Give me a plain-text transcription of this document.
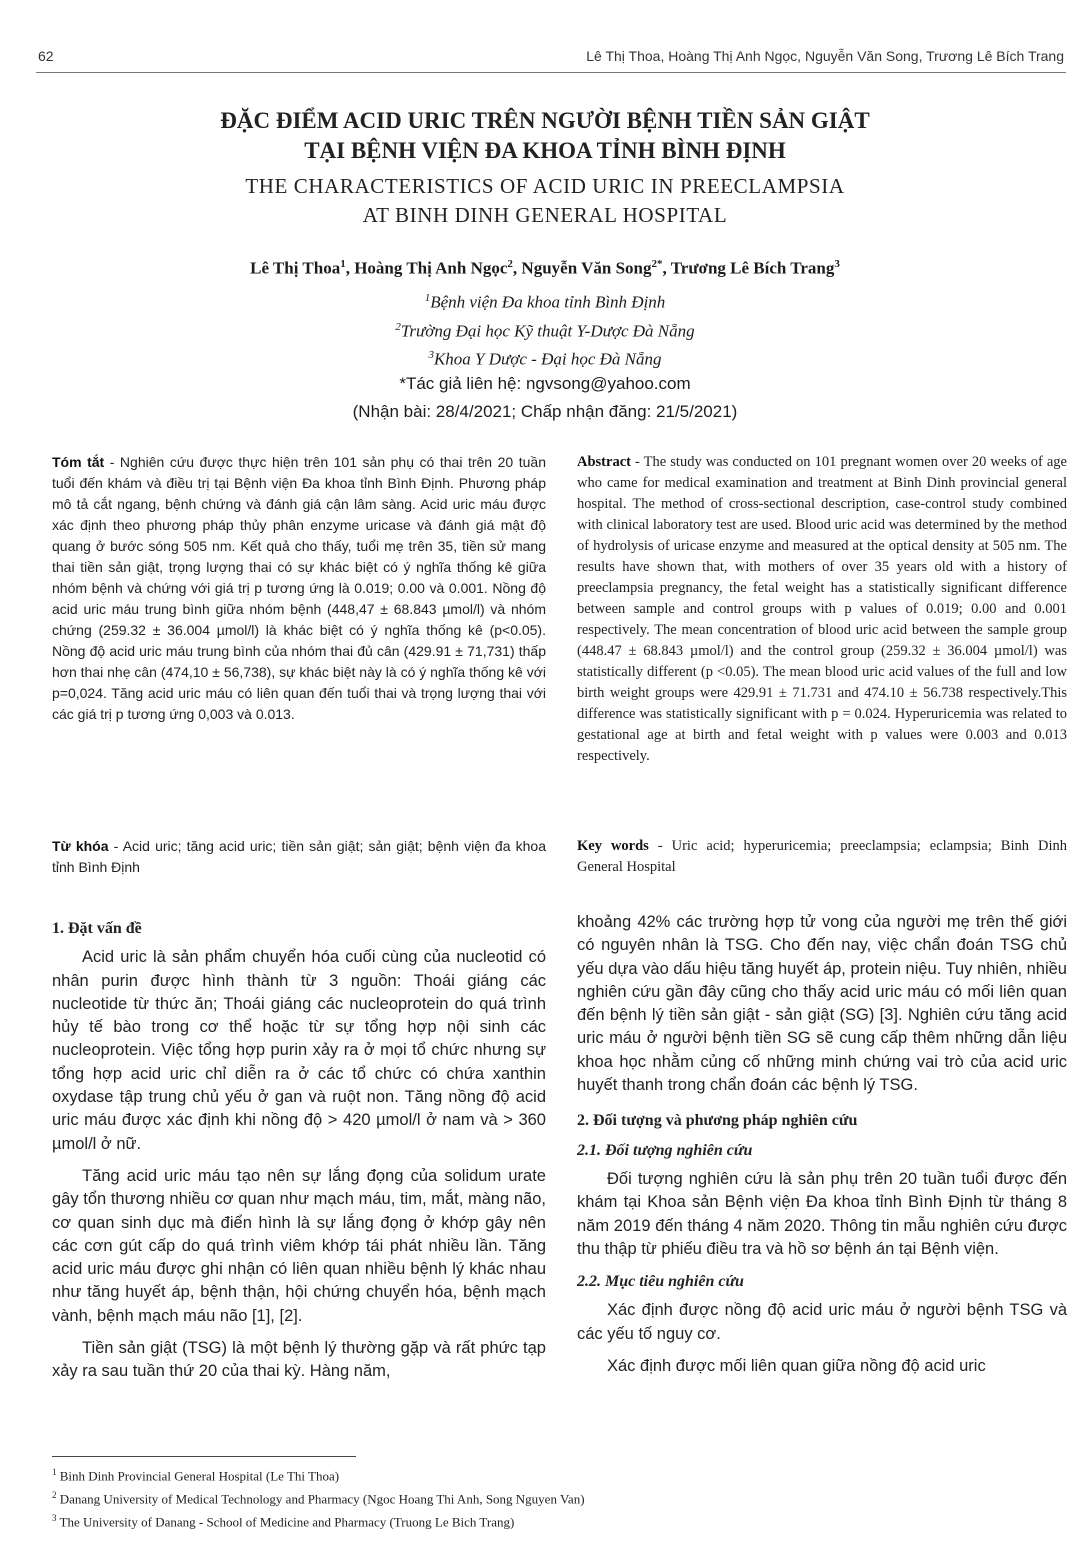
62	Lê Thị Thoa, Hoàng Thị Anh Ngọc, Nguyễn Văn Song, Trương Lê Bích Trang
ĐẶC ĐIỂM ACID URIC TRÊN NGƯỜI BỆNH TIỀN SẢN GIẬT
TẠI BỆNH VIỆN ĐA KHOA TỈNH BÌNH ĐỊNH
THE CHARACTERISTICS OF ACID URIC IN PREECLAMPSIA
AT BINH DINH GENERAL HOSPITAL
Lê Thị Thoa$^1$, Hoàng Thị Anh Ngọc$^2$, Nguyễn Văn Song$^{2*}$, Trương Lê Bích Trang$^3$
$^1$Bệnh viện Đa khoa tỉnh Bình Định
$^2$Trường Đại học Kỹ thuật Y-Dược Đà Nẵng
$^3$Khoa Y Dược - Đại học Đà Nẵng
*Tác giả liên hệ: ngvsong@yahoo.com
(Nhận bài: 28/4/2021; Chấp nhận đăng: 21/5/2021)
Tóm tắt - Nghiên cứu được thực hiện trên 101 sản phụ có thai trên 20 tuần tuổi đến khám và điều trị tại Bệnh viện Đa khoa tỉnh Bình Định. Phương pháp mô tả cắt ngang, bệnh chứng và đánh giá cận lâm sàng. Acid uric máu được xác định theo phương pháp thủy phân enzyme uricase và đánh giá mật độ quang ở bước sóng 505 nm. Kết quả cho thấy, tuổi mẹ trên 35, tiền sử mang thai tiền sản giật, trọng lượng thai có sự khác biệt có ý nghĩa thống kê giữa nhóm bệnh và chứng với giá trị p tương ứng là 0.019; 0.00 và 0.001. Nồng độ acid uric máu trung bình giữa nhóm bệnh (448,47 ± 68.843 µmol/l) và nhóm chứng (259.32 ± 36.004 µmol/l) là khác biệt có ý nghĩa thống kê (p<0.05). Nồng độ acid uric máu trung bình của nhóm thai đủ cân (429.91 ± 71,731) thấp hơn thai nhẹ cân (474,10 ± 56,738), sự khác biệt này là có ý nghĩa thống kê với p=0,024. Tăng acid uric máu có liên quan đến tuổi thai và trọng lượng thai với các giá trị p tương ứng 0,003 và 0.013.
Abstract - The study was conducted on 101 pregnant women over 20 weeks of age who came for medical examination and treatment at Binh Dinh provincial general hospital. The method of cross-sectional description, case-control study combined with clinical laboratory test are used. Blood uric acid was determined by the method of hydrolysis of uricase enzyme and measured at the optical density at 505 nm. The results have shown that, with mothers of over 35 years old with a history of preeclampsia pregnancy, the fetal weight has a statistically significant difference between sample and control groups with p values of 0.019; 0.00 and 0.001 respectively. The mean concentration of blood uric acid between the sample group (448.47 ± 68.843 µmol/l) and the control group (259.32 ± 36.004 µmol/l) was statistically different (p <0.05). The mean blood uric acid values of the full and low birth weight groups were 429.91 ± 71.731 and 474.10 ± 56.738 respectively.This difference was statistically significant with p = 0.024. Hyperuricemia was related to gestational age at birth and fetal weight with p values were 0.003 and 0.013 respectively.
Từ khóa - Acid uric; tăng acid uric; tiền sản giật; sản giật; bệnh viện đa khoa tỉnh Bình Định
Key words - Uric acid; hyperuricemia; preeclampsia; eclampsia; Binh Dinh General Hospital
1. Đặt vấn đề

Acid uric là sản phẩm chuyển hóa cuối cùng của nucleotid có nhân purin được hình thành từ 3 nguồn: Thoái giáng các nucleotide từ thức ăn; Thoái giáng các nucleoprotein do quá trình hủy tế bào trong cơ thể hoặc từ sự tổng hợp nội sinh các nucleoprotein. Việc tổng hợp purin xảy ra ở mọi tổ chức nhưng sự tổng hợp acid uric chỉ diễn ra ở các tổ chức có chứa xanthin oxydase tập trung chủ yếu ở gan và ruột non. Tăng nồng độ acid uric máu được xác định khi nồng độ > 420 µmol/l ở nam và > 360 µmol/l ở nữ.

Tăng acid uric máu tạo nên sự lắng đọng của solidum urate gây tổn thương nhiều cơ quan như mạch máu, tim, mắt, màng não, cơ quan sinh dục mà điển hình là sự lắng đọng ở khớp gây nên các cơn gút cấp do quá trình viêm khớp tái phát nhiều lần. Tăng acid uric máu được ghi nhận có liên quan nhiều bệnh lý khác nhau như tăng huyết áp, bệnh thận, hội chứng chuyển hóa, bệnh mạch vành, bệnh mạch máu não [1], [2].

Tiền sản giật (TSG) là một bệnh lý thường gặp và rất phức tạp xảy ra sau tuần thứ 20 của thai kỳ. Hàng năm,

khoảng 42% các trường hợp tử vong của người mẹ trên thế giới có nguyên nhân là TSG. Cho đến nay, việc chẩn đoán TSG chủ yếu dựa vào dấu hiệu tăng huyết áp, protein niệu. Tuy nhiên, nhiều nghiên cứu gần đây cũng cho thấy acid uric máu có mối liên quan đến bệnh lý tiền sản giật - sản giật (SG) [3]. Nghiên cứu tăng acid uric máu ở người bệnh tiền SG sẽ cung cấp thêm những dẫn liệu khoa học nhằm củng cố những minh chứng vai trò của acid uric huyết thanh trong chẩn đoán các bệnh lý TSG.

2. Đối tượng và phương pháp nghiên cứu
2.1. Đối tượng nghiên cứu

Đối tượng nghiên cứu là sản phụ trên 20 tuần tuổi được đến khám tại Khoa sản Bệnh viện Đa khoa tỉnh Bình Định từ tháng 8 năm 2019 đến tháng 4 năm 2020. Thông tin mẫu nghiên cứu được thu thập từ phiếu điều tra và hồ sơ bệnh án tại Bệnh viện.

2.2. Mục tiêu nghiên cứu

Xác định được nồng độ acid uric máu ở người bệnh TSG và các yếu tố nguy cơ.

Xác định được mối liên quan giữa nồng độ acid uric

$^1$ Binh Dinh Provincial General Hospital (Le Thi Thoa)
$^2$ Danang University of Medical Technology and Pharmacy (Ngoc Hoang Thi Anh, Song Nguyen Van)
$^3$ The University of Danang - School of Medicine and Pharmacy (Truong Le Bich Trang)
